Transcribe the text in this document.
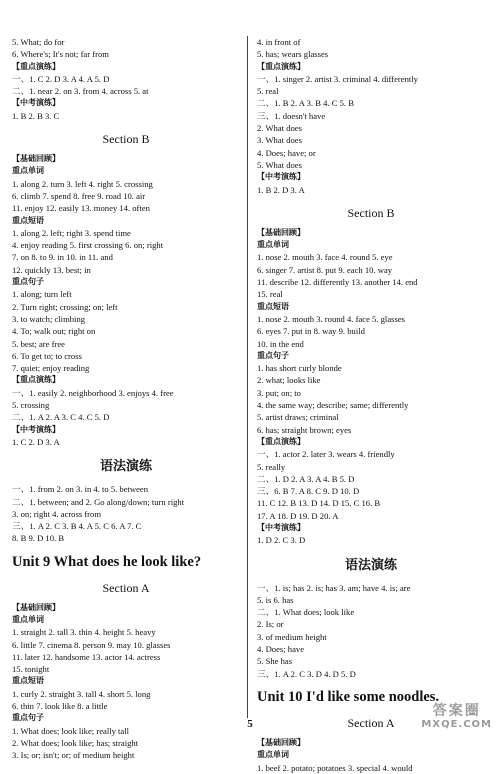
5. What; do for
6. Where's; It's not; far from
【重点演练】
一、1. C 2. D 3. A 4. A 5. D
二、1. near 2. on 3. from 4. across 5. at
【中考演练】
1. B 2. B 3. C
Section B
【基础回顾】
重点单词
1. along 2. turn 3. left 4. right 5. crossing
6. climb 7. spend 8. free 9. road 10. air
11. enjoy 12. easily 13. money 14. often
重点短语
1. along 2. left; right 3. spend time
4. enjoy reading 5. first crossing 6. on; right
7. on 8. to 9. in 10. in 11. and
12. quickly 13. best; in
重点句子
1. along; turn left
2. Turn right; crossing; on; left
3. to watch; climbing
4. To; walk out; right on
5. best; are free
6. To get to; to cross
7. quiet; enjoy reading
【重点演练】
一、1. easily 2. neighborhood 3. enjoys 4. free
5. crossing
二、1. A 2. A 3. C 4. C 5. D
【中考演练】
1. C 2. D 3. A
语法演练
一、1. from 2. on 3. in 4. to 5. between
二、1. between; and 2. Go along/down; turn right
3. on; right 4. across from
三、1. A 2. C 3. B 4. A 5. C 6. A 7. C
8. B 9. D 10. B
Unit 9 What does he look like?
Section A
【基础回顾】
重点单词
1. straight 2. tall 3. thin 4. height 5. heavy
6. little 7. cinema 8. person 9. may 10. glasses
11. later 12. handsome 13. actor 14. actress
15. tonight
重点短语
1. curly 2. straight 3. tall 4. short 5. long
6. thin 7. look like 8. a little
重点句子
1. What does; look like; really tall
2. What does; look like; has; straight
3. Is; or; isn't; or; of medium height
4. in front of
5. has; wears glasses
【重点演练】
一、1. singer 2. artist 3. criminal 4. differently
5. real
二、1. B 2. A 3. B 4. C 5. B
三、1. doesn't have
2. What does
3. What does
4. Does; have; or
5. What does
【中考演练】
1. B 2. D 3. A
Section B
【基础回顾】
重点单词
1. nose 2. mouth 3. face 4. round 5. eye
6. singer 7. artist 8. put 9. each 10. way
11. describe 12. differently 13. another 14. end
15. real
重点短语
1. nose 2. mouth 3. round 4. face 5. glasses
6. eyes 7. put in 8. way 9. build
10. in the end
重点句子
1. has short curly blonde
2. what; looks like
3. put; on; to
4. the same way; describe; same; differently
5. artist draws; criminal
6. has; straight brown; eyes
【重点演练】
一、1. actor 2. later 3. wears 4. friendly
5. really
二、1. D 2. A 3. A 4. B 5. D
三、6. B 7. A 8. C 9. D 10. D
11. C 12. B 13. D 14. D 15. C 16. B
17. A 18. D 19. D 20. A
【中考演练】
1. D 2. C 3. D
语法演练
一、1. is; has 2. is; has 3. am; have 4. is; are
5. is 6. has
二、1. What does; look like
2. Is; or
3. of medium height
4. Does; have
5. She has
三、1. A 2. C 3. D 4. D 5. D
Unit 10 I'd like some noodles.
Section A
【基础回顾】
重点单词
1. beef 2. potato; potatoes 3. special 4. would
5
答案圈
MXQE.COM
